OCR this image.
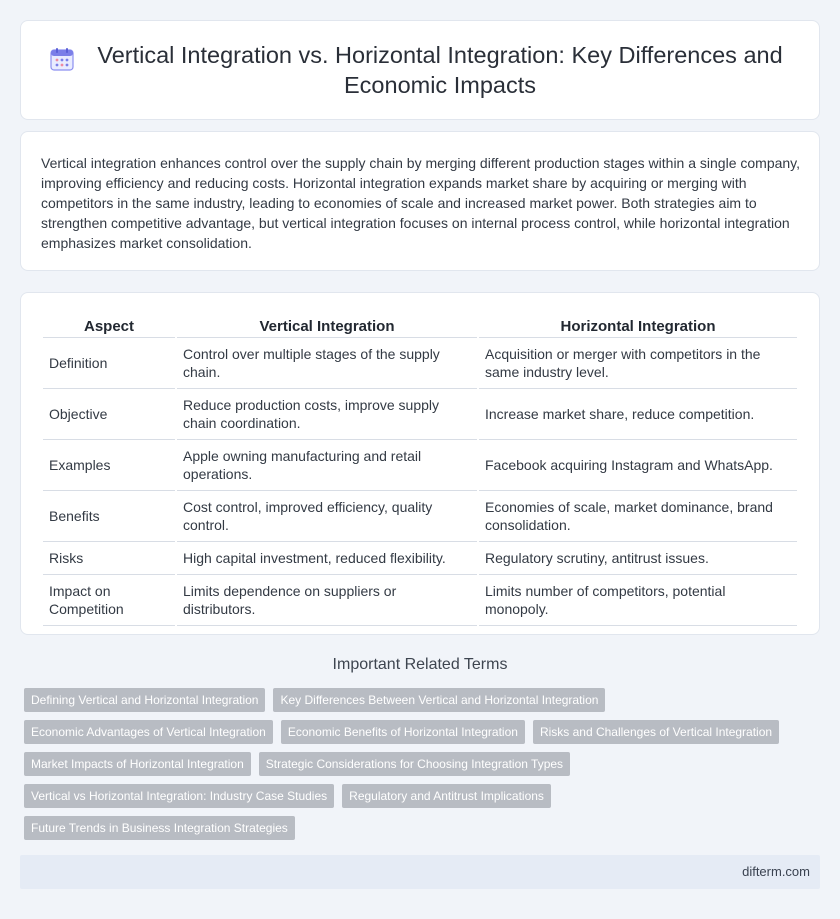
Vertical Integration vs. Horizontal Integration: Key Differences and Economic Impacts

Vertical integration enhances control over the supply chain by merging different production stages within a single company, improving efficiency and reducing costs. Horizontal integration expands market share by acquiring or merging with competitors in the same industry, leading to economies of scale and increased market power. Both strategies aim to strengthen competitive advantage, but vertical integration focuses on internal process control, while horizontal integration emphasizes market consolidation.

Aspect	Vertical Integration	Horizontal Integration
Definition	Control over multiple stages of the supply chain.	Acquisition or merger with competitors in the same industry level.
Objective	Reduce production costs, improve supply chain coordination.	Increase market share, reduce competition.
Examples	Apple owning manufacturing and retail operations.	Facebook acquiring Instagram and WhatsApp.
Benefits	Cost control, improved efficiency, quality control.	Economies of scale, market dominance, brand consolidation.
Risks	High capital investment, reduced flexibility.	Regulatory scrutiny, antitrust issues.
Impact on Competition	Limits dependence on suppliers or distributors.	Limits number of competitors, potential monopoly.
Important Related Terms
Defining Vertical and Horizontal Integration	Key Differences Between Vertical and Horizontal Integration
Economic Advantages of Vertical Integration	Economic Benefits of Horizontal Integration	Risks and Challenges of Vertical Integration
Market Impacts of Horizontal Integration	Strategic Considerations for Choosing Integration Types
Vertical vs Horizontal Integration: Industry Case Studies	Regulatory and Antitrust Implications
Future Trends in Business Integration Strategies
difterm.com
